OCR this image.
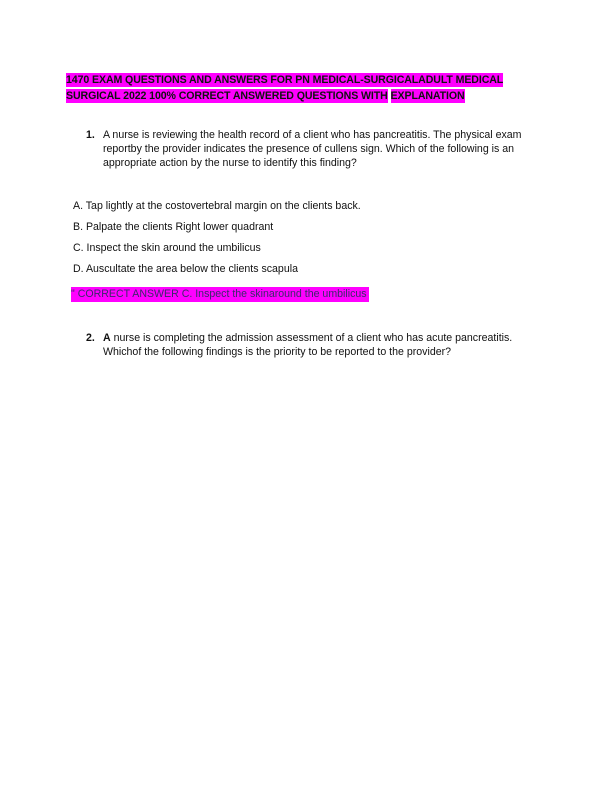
1470 EXAM QUESTIONS AND ANSWERS FOR PN MEDICAL-SURGICALADULT MEDICAL
SURGICAL 2022 100% CORRECT ANSWERED QUESTIONS WITH EXPLANATION
1. A nurse is reviewing the health record of a client who has pancreatitis. The physical exam reportby the provider indicates the presence of cullens sign. Which of the following is an appropriate action by the nurse to identify this finding?
A. Tap lightly at the costovertebral margin on the clients back.
B. Palpate the clients Right lower quadrant
C. Inspect the skin around the umbilicus
D. Auscultate the area below the clients scapula
" CORRECT ANSWER C. Inspect the skinaround the umbilicus
2. A nurse is completing the admission assessment of a client who has acute pancreatitis. Whichof the following findings is the priority to be reported to the provider?
